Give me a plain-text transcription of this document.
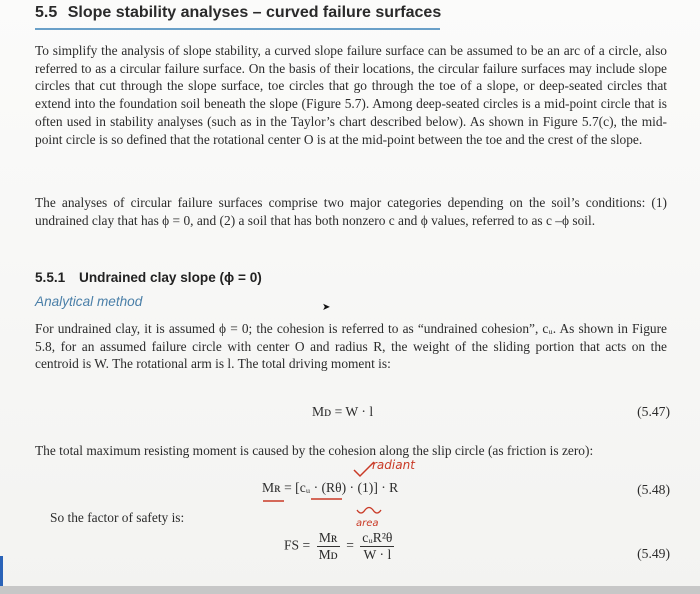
5.5 Slope stability analyses – curved failure surfaces
To simplify the analysis of slope stability, a curved slope failure surface can be assumed to be an arc of a circle, also referred to as a circular failure surface. On the basis of their locations, the circular failure surfaces may include slope circles that cut through the slope surface, toe circles that go through the toe of a slope, or deep-seated circles that extend into the foundation soil beneath the slope (Figure 5.7). Among deep-seated circles is a mid-point circle that is often used in stability analyses (such as in the Taylor’s chart described below). As shown in Figure 5.7(c), the mid-point circle is so defined that the rotational center O is at the mid-point between the toe and the crest of the slope.
The analyses of circular failure surfaces comprise two major categories depending on the soil’s conditions: (1) undrained clay that has ϕ = 0, and (2) a soil that has both nonzero c and ϕ values, referred to as c –ϕ soil.
5.5.1 Undrained clay slope (ϕ = 0)
Analytical method	➤
For undrained clay, it is assumed ϕ = 0; the cohesion is referred to as “undrained cohesion”, cᵤ. As shown in Figure 5.8, for an assumed failure circle with center O and radius R, the weight of the sliding portion that acts on the centroid is W. The rotational arm is l. The total driving moment is:
Mᴅ = W · l	(5.47)
The total maximum resisting moment is caused by the cohesion along the slip circle (as friction is zero):
radiant
Mʀ = [cᵤ · (Rθ) · (1)] · R	(5.48)
So the factor of safety is:	area
FS = $\frac{\text{Mʀ}}{\text{Mᴅ}} = \frac{\text{cᵤR²θ}}{W \cdot l}$	(5.49)
